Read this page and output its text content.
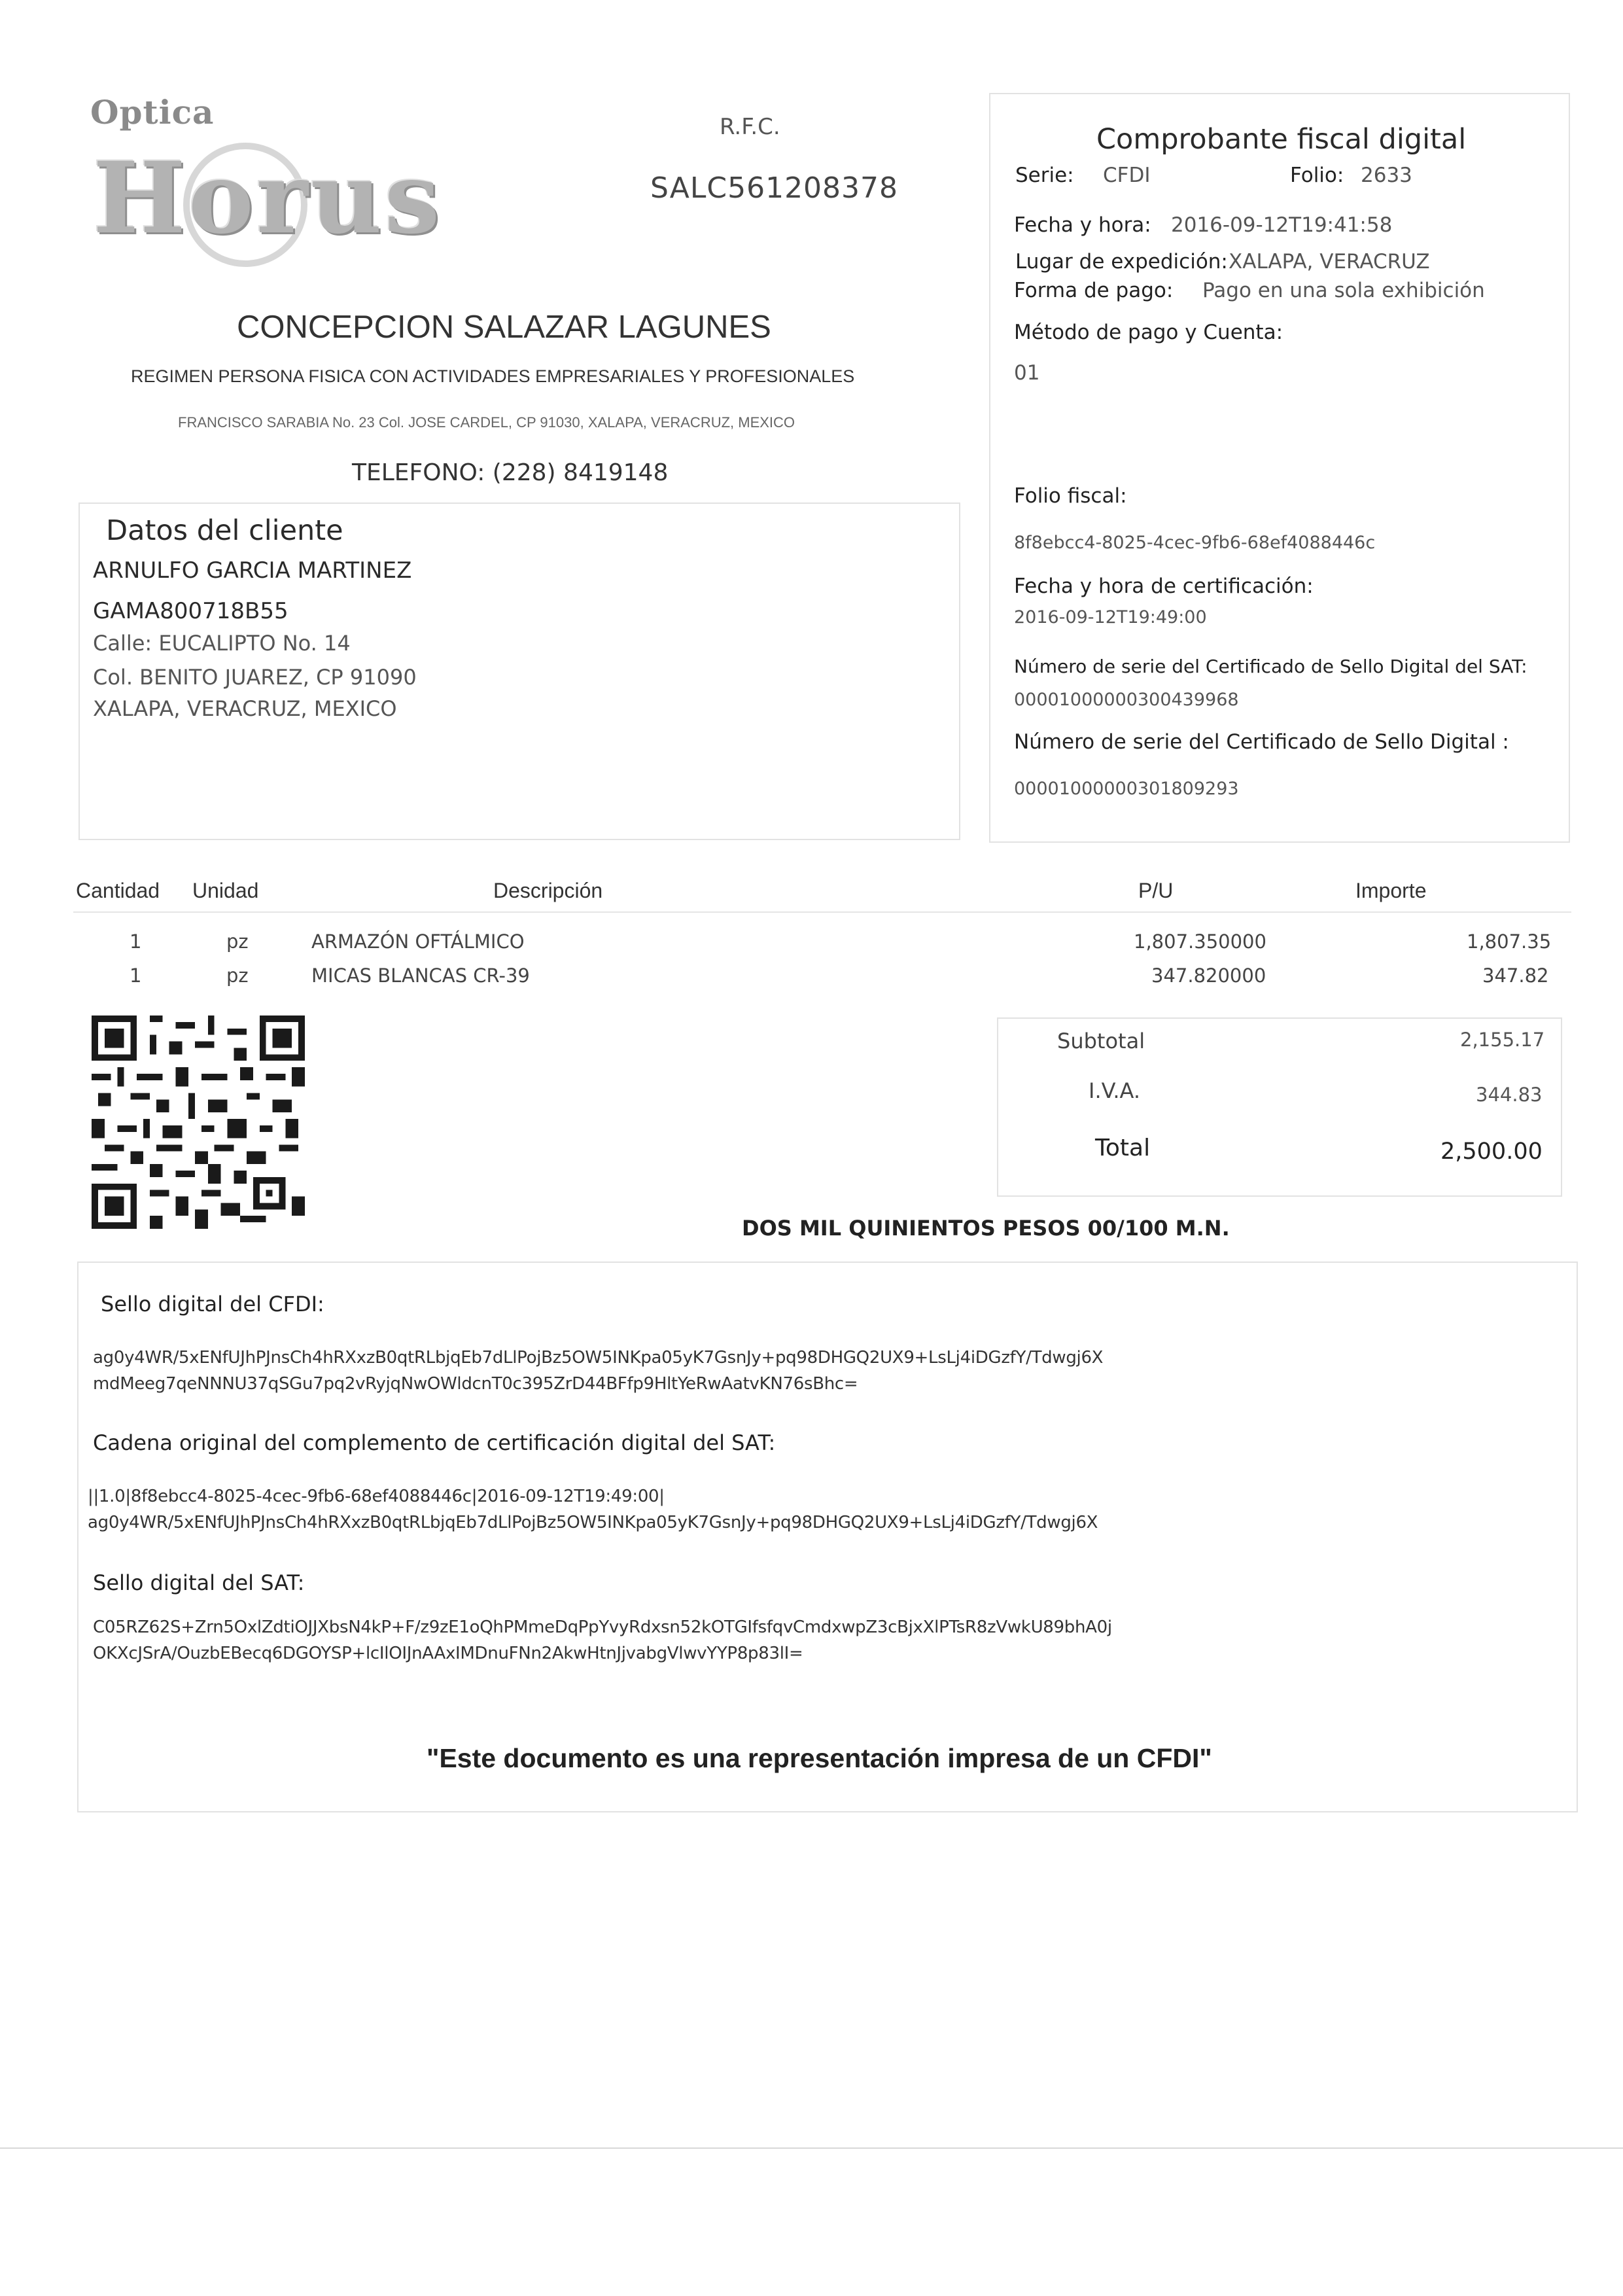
Optica
Horus
R.F.C.
SALC561208378
CONCEPCION SALAZAR LAGUNES
REGIMEN PERSONA FISICA CON ACTIVIDADES EMPRESARIALES Y PROFESIONALES
FRANCISCO SARABIA No. 23 Col. JOSE CARDEL, CP 91030, XALAPA, VERACRUZ, MEXICO
TELEFONO: (228) 8419148
Comprobante fiscal digital
Serie: CFDI	Folio: 2633
Fecha y hora: 2016-09-12T19:41:58
Lugar de expedición: XALAPA, VERACRUZ
Forma de pago: Pago en una sola exhibición
Método de pago y Cuenta:
01
Folio fiscal:
8f8ebcc4-8025-4cec-9fb6-68ef4088446c
Fecha y hora de certificación:
2016-09-12T19:49:00
Número de serie del Certificado de Sello Digital del SAT:
00001000000300439968
Número de serie del Certificado de Sello Digital :
00001000000301809293
Datos del cliente
ARNULFO GARCIA MARTINEZ
GAMA800718B55
Calle: EUCALIPTO No. 14
Col. BENITO JUAREZ, CP 91090
XALAPA, VERACRUZ, MEXICO
Cantidad Unidad	Descripción	P/U	Importe
1	pz	ARMAZÓN OFTÁLMICO	1,807.350000	1,807.35
1	pz	MICAS BLANCAS CR-39	347.820000	347.82
Subtotal	2,155.17
I.V.A.	344.83
Total	2,500.00
DOS MIL QUINIENTOS PESOS 00/100 M.N.
Sello digital del CFDI:
ag0y4WR/5xENfUJhPJnsCh4hRXxzB0qtRLbjqEb7dLlPojBz5OW5INKpa05yK7GsnJy+pq98DHGQ2UX9+LsLj4iDGzfY/Tdwgj6X
mdMeeg7qeNNNU37qSGu7pq2vRyjqNwOWldcnT0c395ZrD44BFfp9HltYeRwAatvKN76sBhc=
Cadena original del complemento de certificación digital del SAT:
||1.0|8f8ebcc4-8025-4cec-9fb6-68ef4088446c|2016-09-12T19:49:00|
ag0y4WR/5xENfUJhPJnsCh4hRXxzB0qtRLbjqEb7dLlPojBz5OW5INKpa05yK7GsnJy+pq98DHGQ2UX9+LsLj4iDGzfY/Tdwgj6X
Sello digital del SAT:
C05RZ62S+Zrn5OxlZdtiOJJXbsN4kP+F/z9zE1oQhPMmeDqPpYvyRdxsn52kOTGIfsfqvCmdxwpZ3cBjxXlPTsR8zVwkU89bhA0j
OKXcJSrA/OuzbEBecq6DGOYSP+lcIlOIJnAAxIMDnuFNn2AkwHtnJjvabgVlwvYYP8p83lI=
"Este documento es una representación impresa de un CFDI"
